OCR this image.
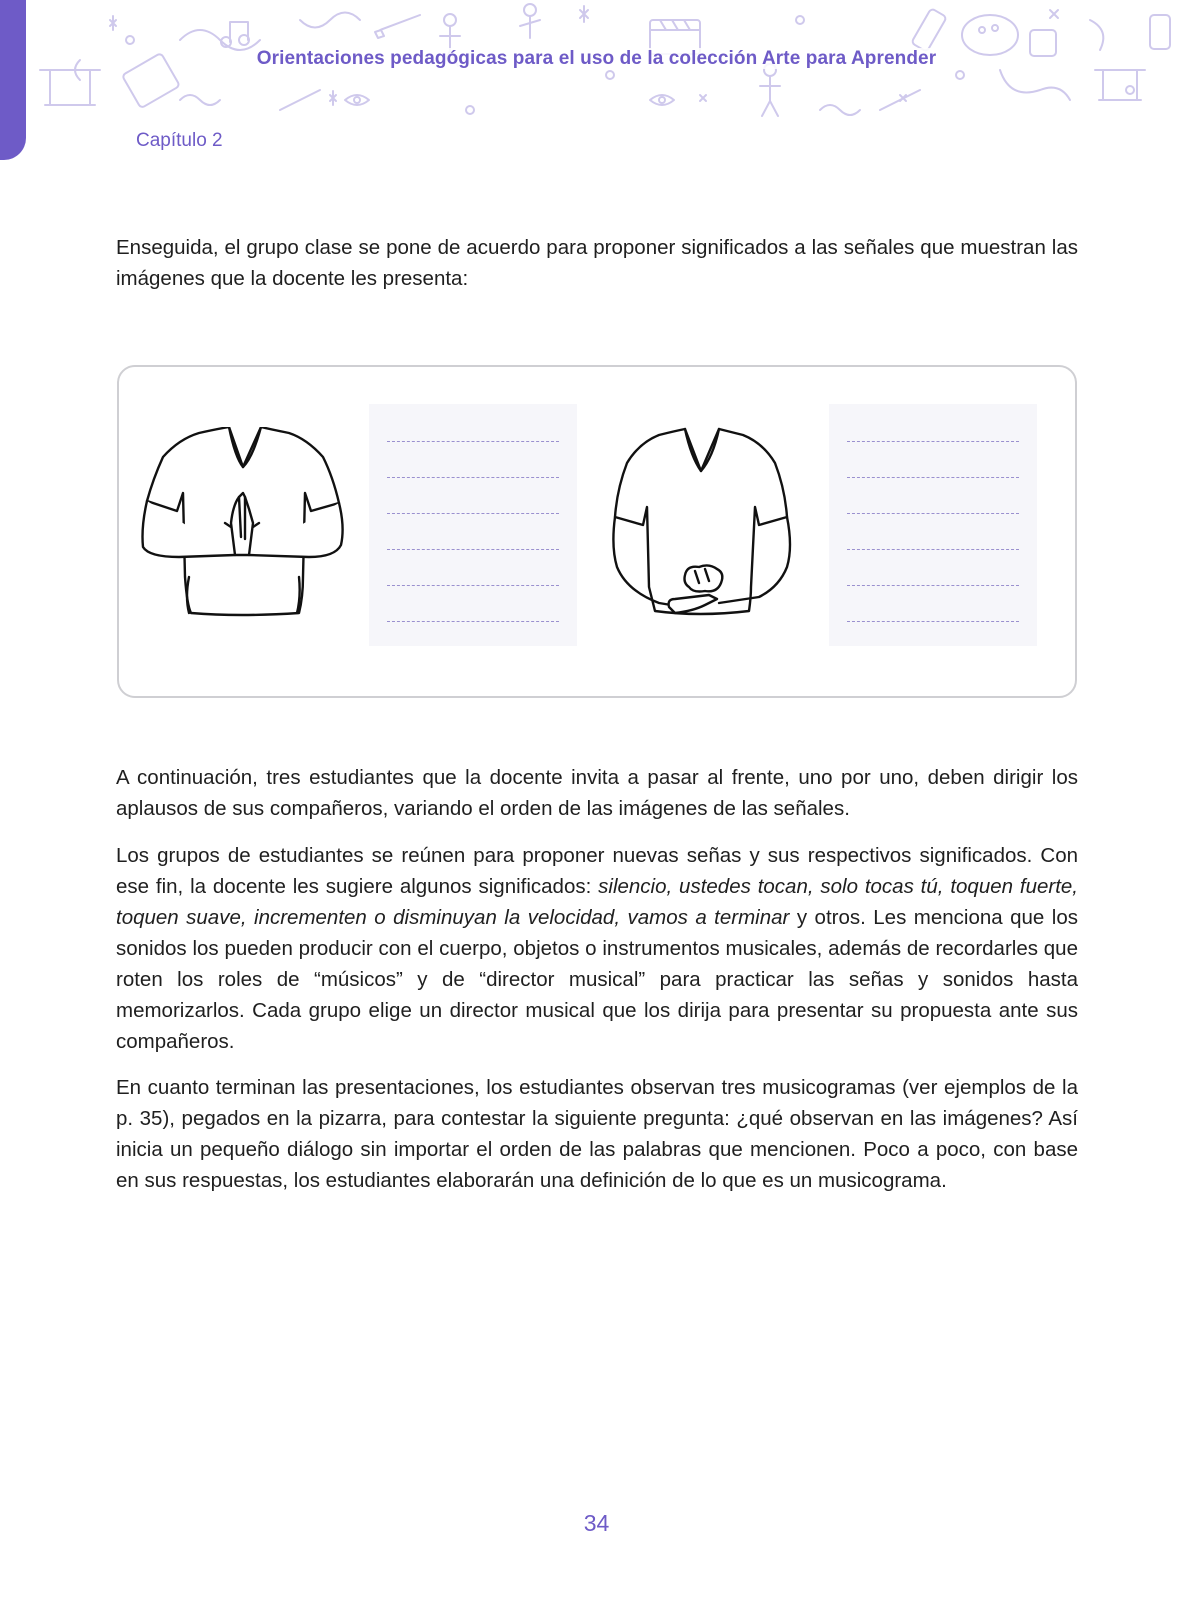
Orientaciones pedagógicas para el uso de la colección Arte para Aprender
Capítulo 2

Enseguida, el grupo clase se pone de acuerdo para proponer significados a las señales que muestran las imágenes que la docente les presenta:

A continuación, tres estudiantes que la docente invita a pasar al frente, uno por uno, deben dirigir los aplausos de sus compañeros, variando el orden de las imágenes de las señales.

Los grupos de estudiantes se reúnen para proponer nuevas señas y sus respectivos significados. Con ese fin, la docente les sugiere algunos significados: silencio, ustedes tocan, solo tocas tú, toquen fuerte, toquen suave, incrementen o disminuyan la velocidad, vamos a terminar y otros. Les menciona que los sonidos los pueden producir con el cuerpo, objetos o instrumentos musicales, además de recordarles que roten los roles de “músicos” y de “director musical” para practicar las señas y sonidos hasta memorizarlos. Cada grupo elige un director musical que los dirija para presentar su propuesta ante sus compañeros.

En cuanto terminan las presentaciones, los estudiantes observan tres musicogramas (ver ejemplos de la p. 35), pegados en la pizarra, para contestar la siguiente pregunta: ¿qué observan en las imágenes? Así inicia un pequeño diálogo sin importar el orden de las palabras que mencionen. Poco a poco, con base en sus respuestas, los estudiantes elaborarán una definición de lo que es un musicograma.

34
